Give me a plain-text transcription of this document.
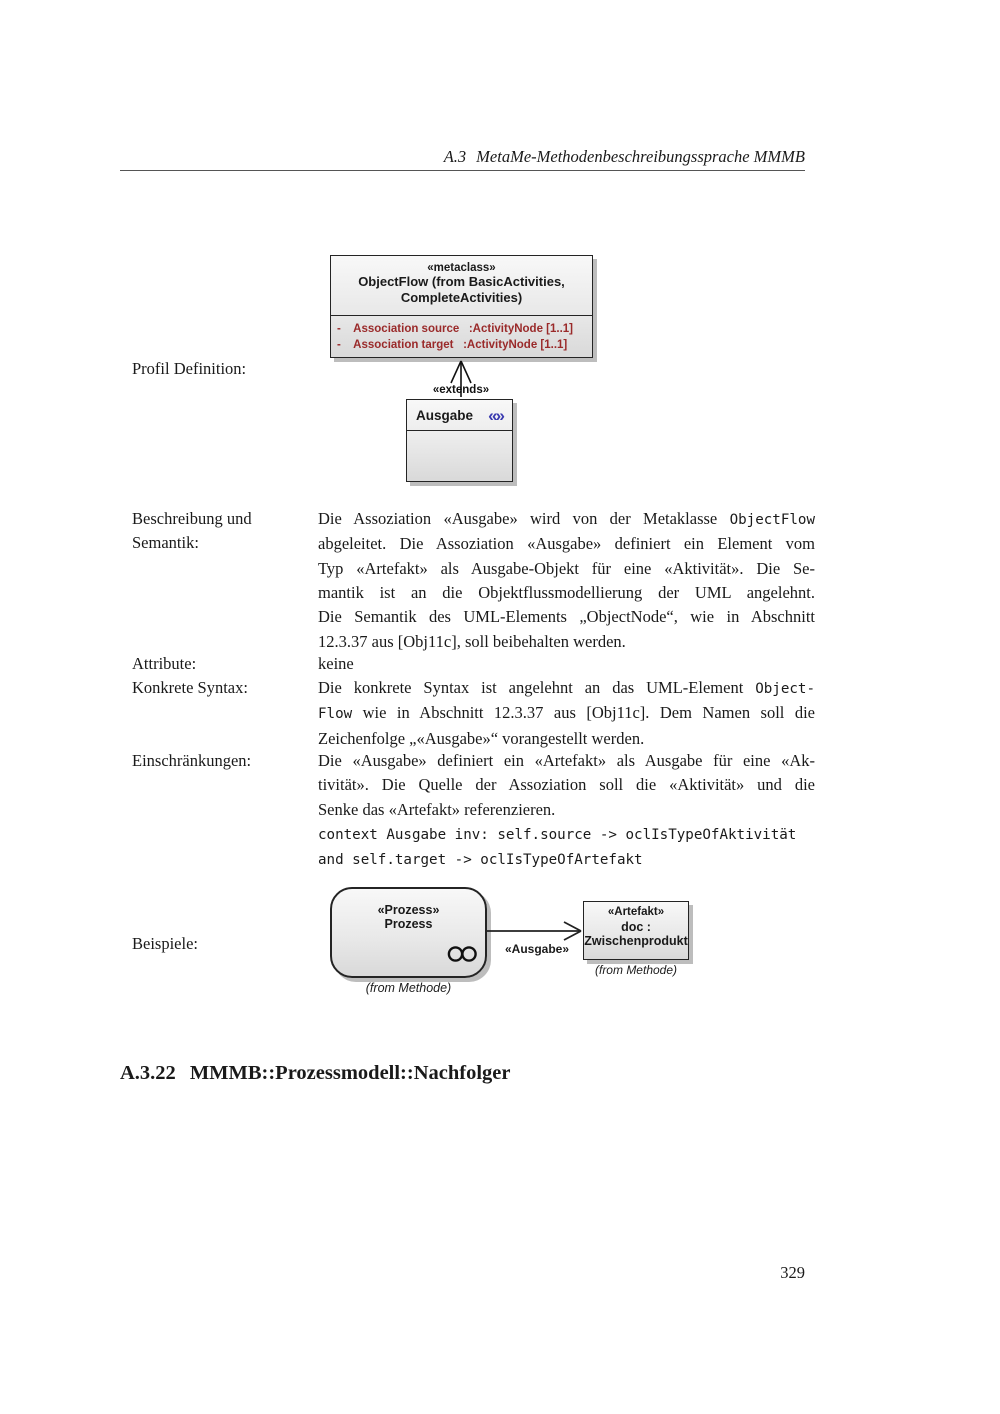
A.3 MetaMe-Methodenbeschreibungssprache MMMB
Profil Definition:
«metaclass»
ObjectFlow (from BasicActivities,
CompleteActivities)
-    Association source   :ActivityNode [1..1]
-    Association target   :ActivityNode [1..1]
«extends»
Ausgabe «»
Beschreibung und
Semantik:
Die Assoziation «Ausgabe» wird von der Metaklasse ObjectFlow
abgeleitet. Die Assoziation «Ausgabe» definiert ein Element vom
Typ «Artefakt» als Ausgabe-Objekt für eine «Aktivität». Die Se-
mantik ist an die Objektflussmodellierung der UML angelehnt.
Die Semantik des UML-Elements „ObjectNode“, wie in Abschnitt
12.3.37 aus [Obj11c], soll beibehalten werden.
Attribute:	keine
Konkrete Syntax:	Die konkrete Syntax ist angelehnt an das UML-Element Object-
Flow wie in Abschnitt 12.3.37 aus [Obj11c]. Dem Namen soll die
Zeichenfolge „«Ausgabe»“ vorangestellt werden.
Einschränkungen:	Die «Ausgabe» definiert ein «Artefakt» als Ausgabe für eine «Ak-
tivität». Die Quelle der Assoziation soll die «Aktivität» und die
Senke das «Artefakt» referenzieren.
context Ausgabe inv: self.source -> oclIsTypeOfAktivität
and self.target -> oclIsTypeOfArtefakt
Beispiele:
«Prozess»
Prozess
(from Methode)
«Ausgabe»
«Artefakt»
doc :
Zwischenprodukt
(from Methode)
A.3.22 MMMB::Prozessmodell::Nachfolger
329
